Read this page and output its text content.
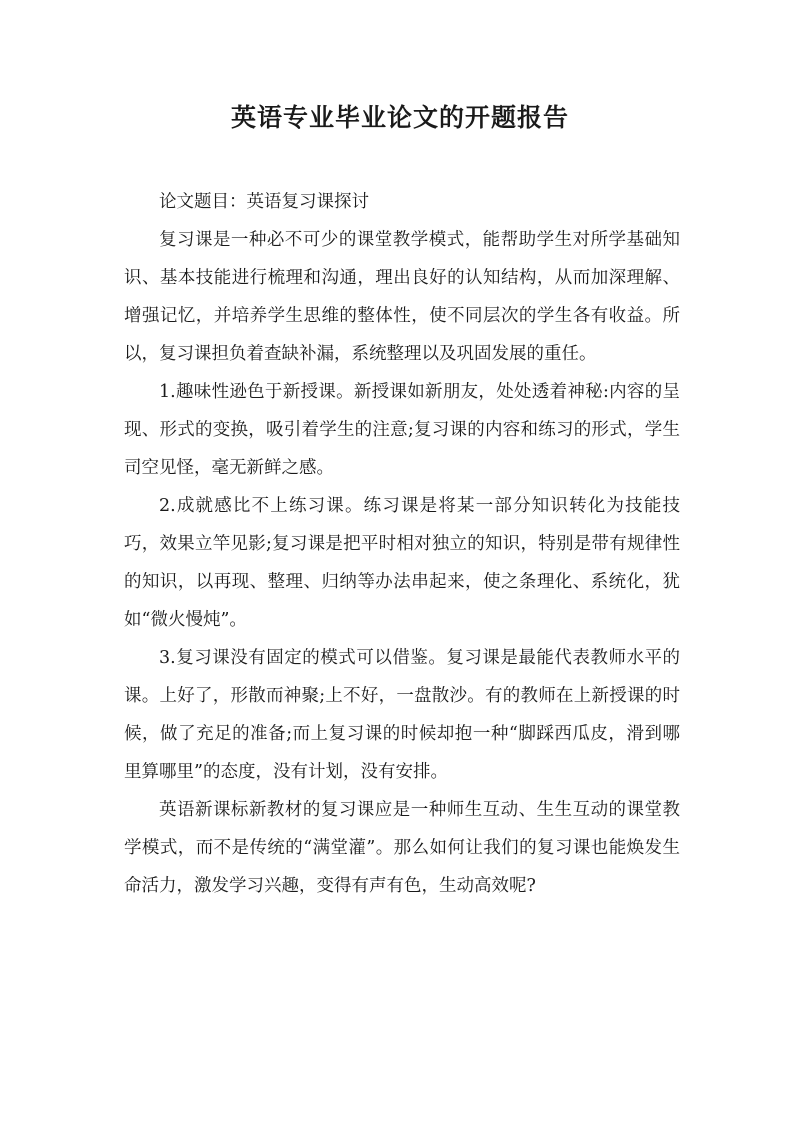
英语专业毕业论文的开题报告

论文题目：英语复习课探讨

复习课是一种必不可少的课堂教学模式，能帮助学生对所学基础知识、基本技能进行梳理和沟通，理出良好的认知结构，从而加深理解、增强记忆，并培养学生思维的整体性，使不同层次的学生各有收益。所以，复习课担负着查缺补漏，系统整理以及巩固发展的重任。

1.趣味性逊色于新授课。新授课如新朋友，处处透着神秘:内容的呈现、形式的变换，吸引着学生的注意;复习课的内容和练习的形式，学生司空见怪，毫无新鲜之感。

2.成就感比不上练习课。练习课是将某一部分知识转化为技能技巧，效果立竿见影;复习课是把平时相对独立的知识，特别是带有规律性的知识，以再现、整理、归纳等办法串起来，使之条理化、系统化，犹如“微火慢炖”。

3.复习课没有固定的模式可以借鉴。复习课是最能代表教师水平的课。上好了，形散而神聚;上不好，一盘散沙。有的教师在上新授课的时候，做了充足的准备;而上复习课的时候却抱一种“脚踩西瓜皮，滑到哪里算哪里”的态度，没有计划，没有安排。

英语新课标新教材的复习课应是一种师生互动、生生互动的课堂教学模式，而不是传统的“满堂灌”。那么如何让我们的复习课也能焕发生命活力，激发学习兴趣，变得有声有色，生动高效呢?
